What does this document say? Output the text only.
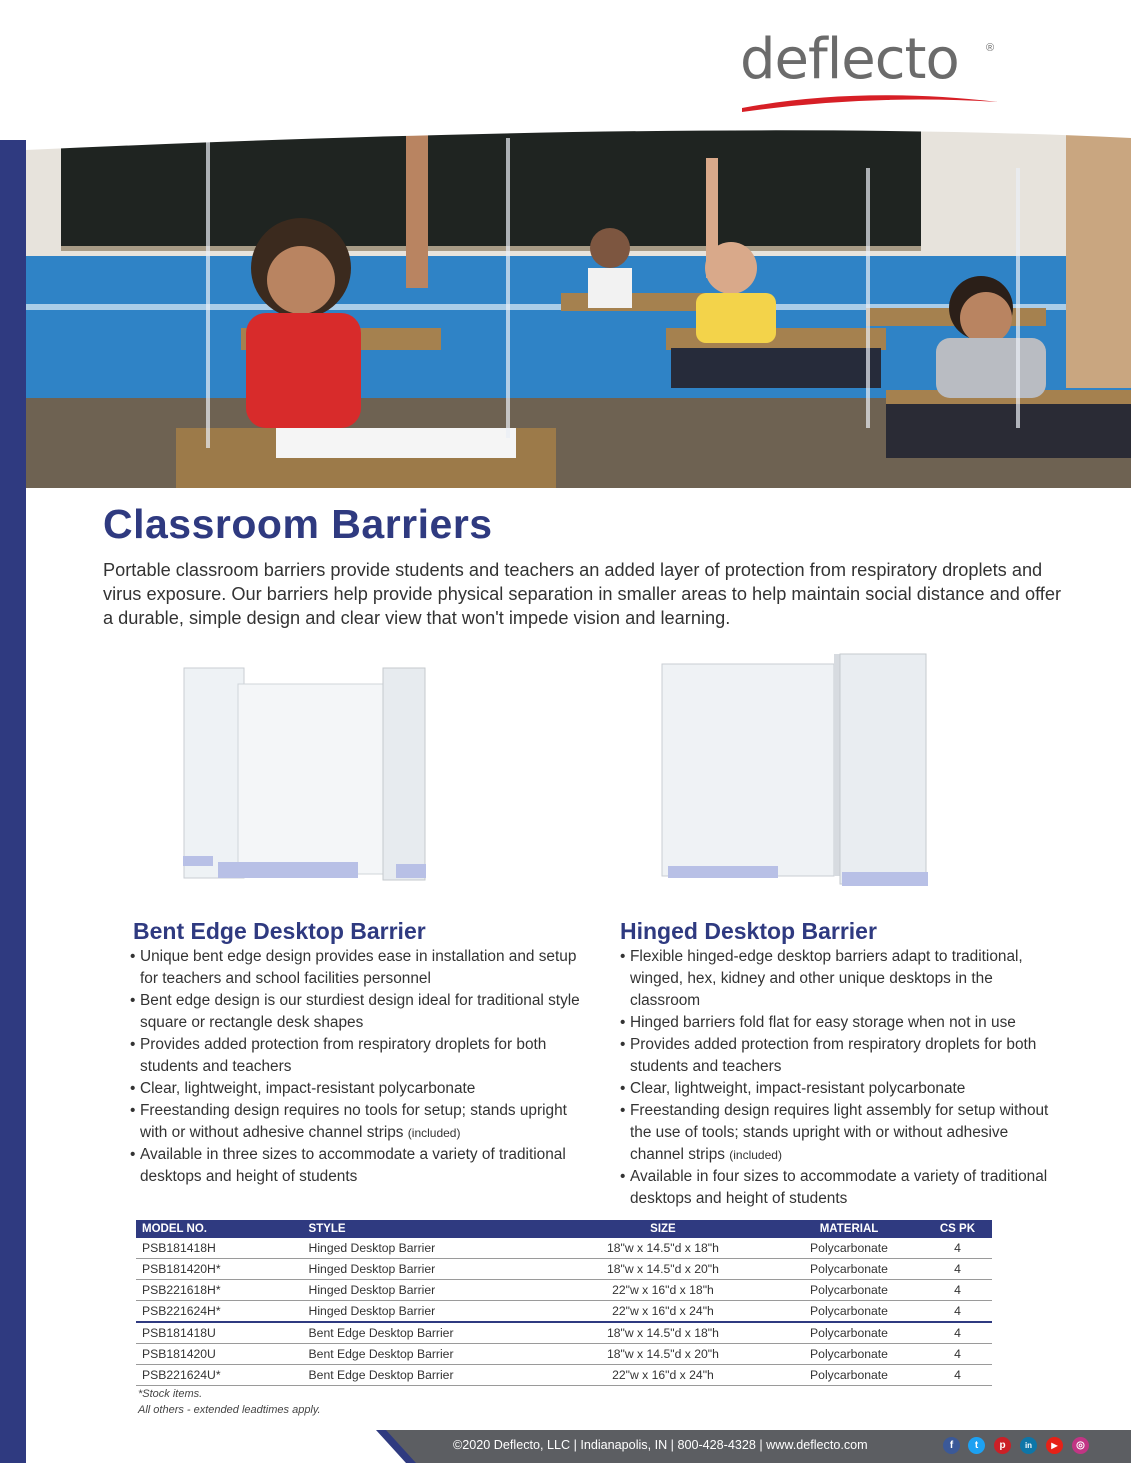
deflecto ®
Classroom Barriers
Portable classroom barriers provide students and teachers an added layer of protection from respiratory droplets and virus exposure. Our barriers help provide physical separation in smaller areas to help maintain social distance and offer a durable, simple design and clear view that won't impede vision and learning.
Bent Edge Desktop Barrier
• Unique bent edge design provides ease in installation and setup for teachers and school facilities personnel
• Bent edge design is our sturdiest design ideal for traditional style square or rectangle desk shapes
• Provides added protection from respiratory droplets for both students and teachers
• Clear, lightweight, impact-resistant polycarbonate
• Freestanding design requires no tools for setup; stands upright with or without adhesive channel strips (included)
• Available in three sizes to accommodate a variety of traditional desktops and height of students
Hinged Desktop Barrier
• Flexible hinged-edge desktop barriers adapt to traditional, winged, hex, kidney and other unique desktops in the classroom
• Hinged barriers fold flat for easy storage when not in use
• Provides added protection from respiratory droplets for both students and teachers
• Clear, lightweight, impact-resistant polycarbonate
• Freestanding design requires light assembly for setup without the use of tools; stands upright with or without adhesive channel strips (included)
• Available in four sizes to accommodate a variety of traditional desktops and height of students
MODEL NO.	STYLE	SIZE	MATERIAL	CS PK
PSB181418H	Hinged Desktop Barrier	18"w x 14.5"d x 18"h	Polycarbonate	4
PSB181420H*	Hinged Desktop Barrier	18"w x 14.5"d x 20"h	Polycarbonate	4
PSB221618H*	Hinged Desktop Barrier	22"w x 16"d x 18"h	Polycarbonate	4
PSB221624H*	Hinged Desktop Barrier	22"w x 16"d x 24"h	Polycarbonate	4
PSB181418U	Bent Edge Desktop Barrier	18"w x 14.5"d x 18"h	Polycarbonate	4
PSB181420U	Bent Edge Desktop Barrier	18"w x 14.5"d x 20"h	Polycarbonate	4
PSB221624U*	Bent Edge Desktop Barrier	22"w x 16"d x 24"h	Polycarbonate	4
*Stock items.
All others - extended leadtimes apply.
©2020 Deflecto, LLC | Indianapolis, IN | 800-428-4328 | www.deflecto.com	f	t	p	in	▶	◎
